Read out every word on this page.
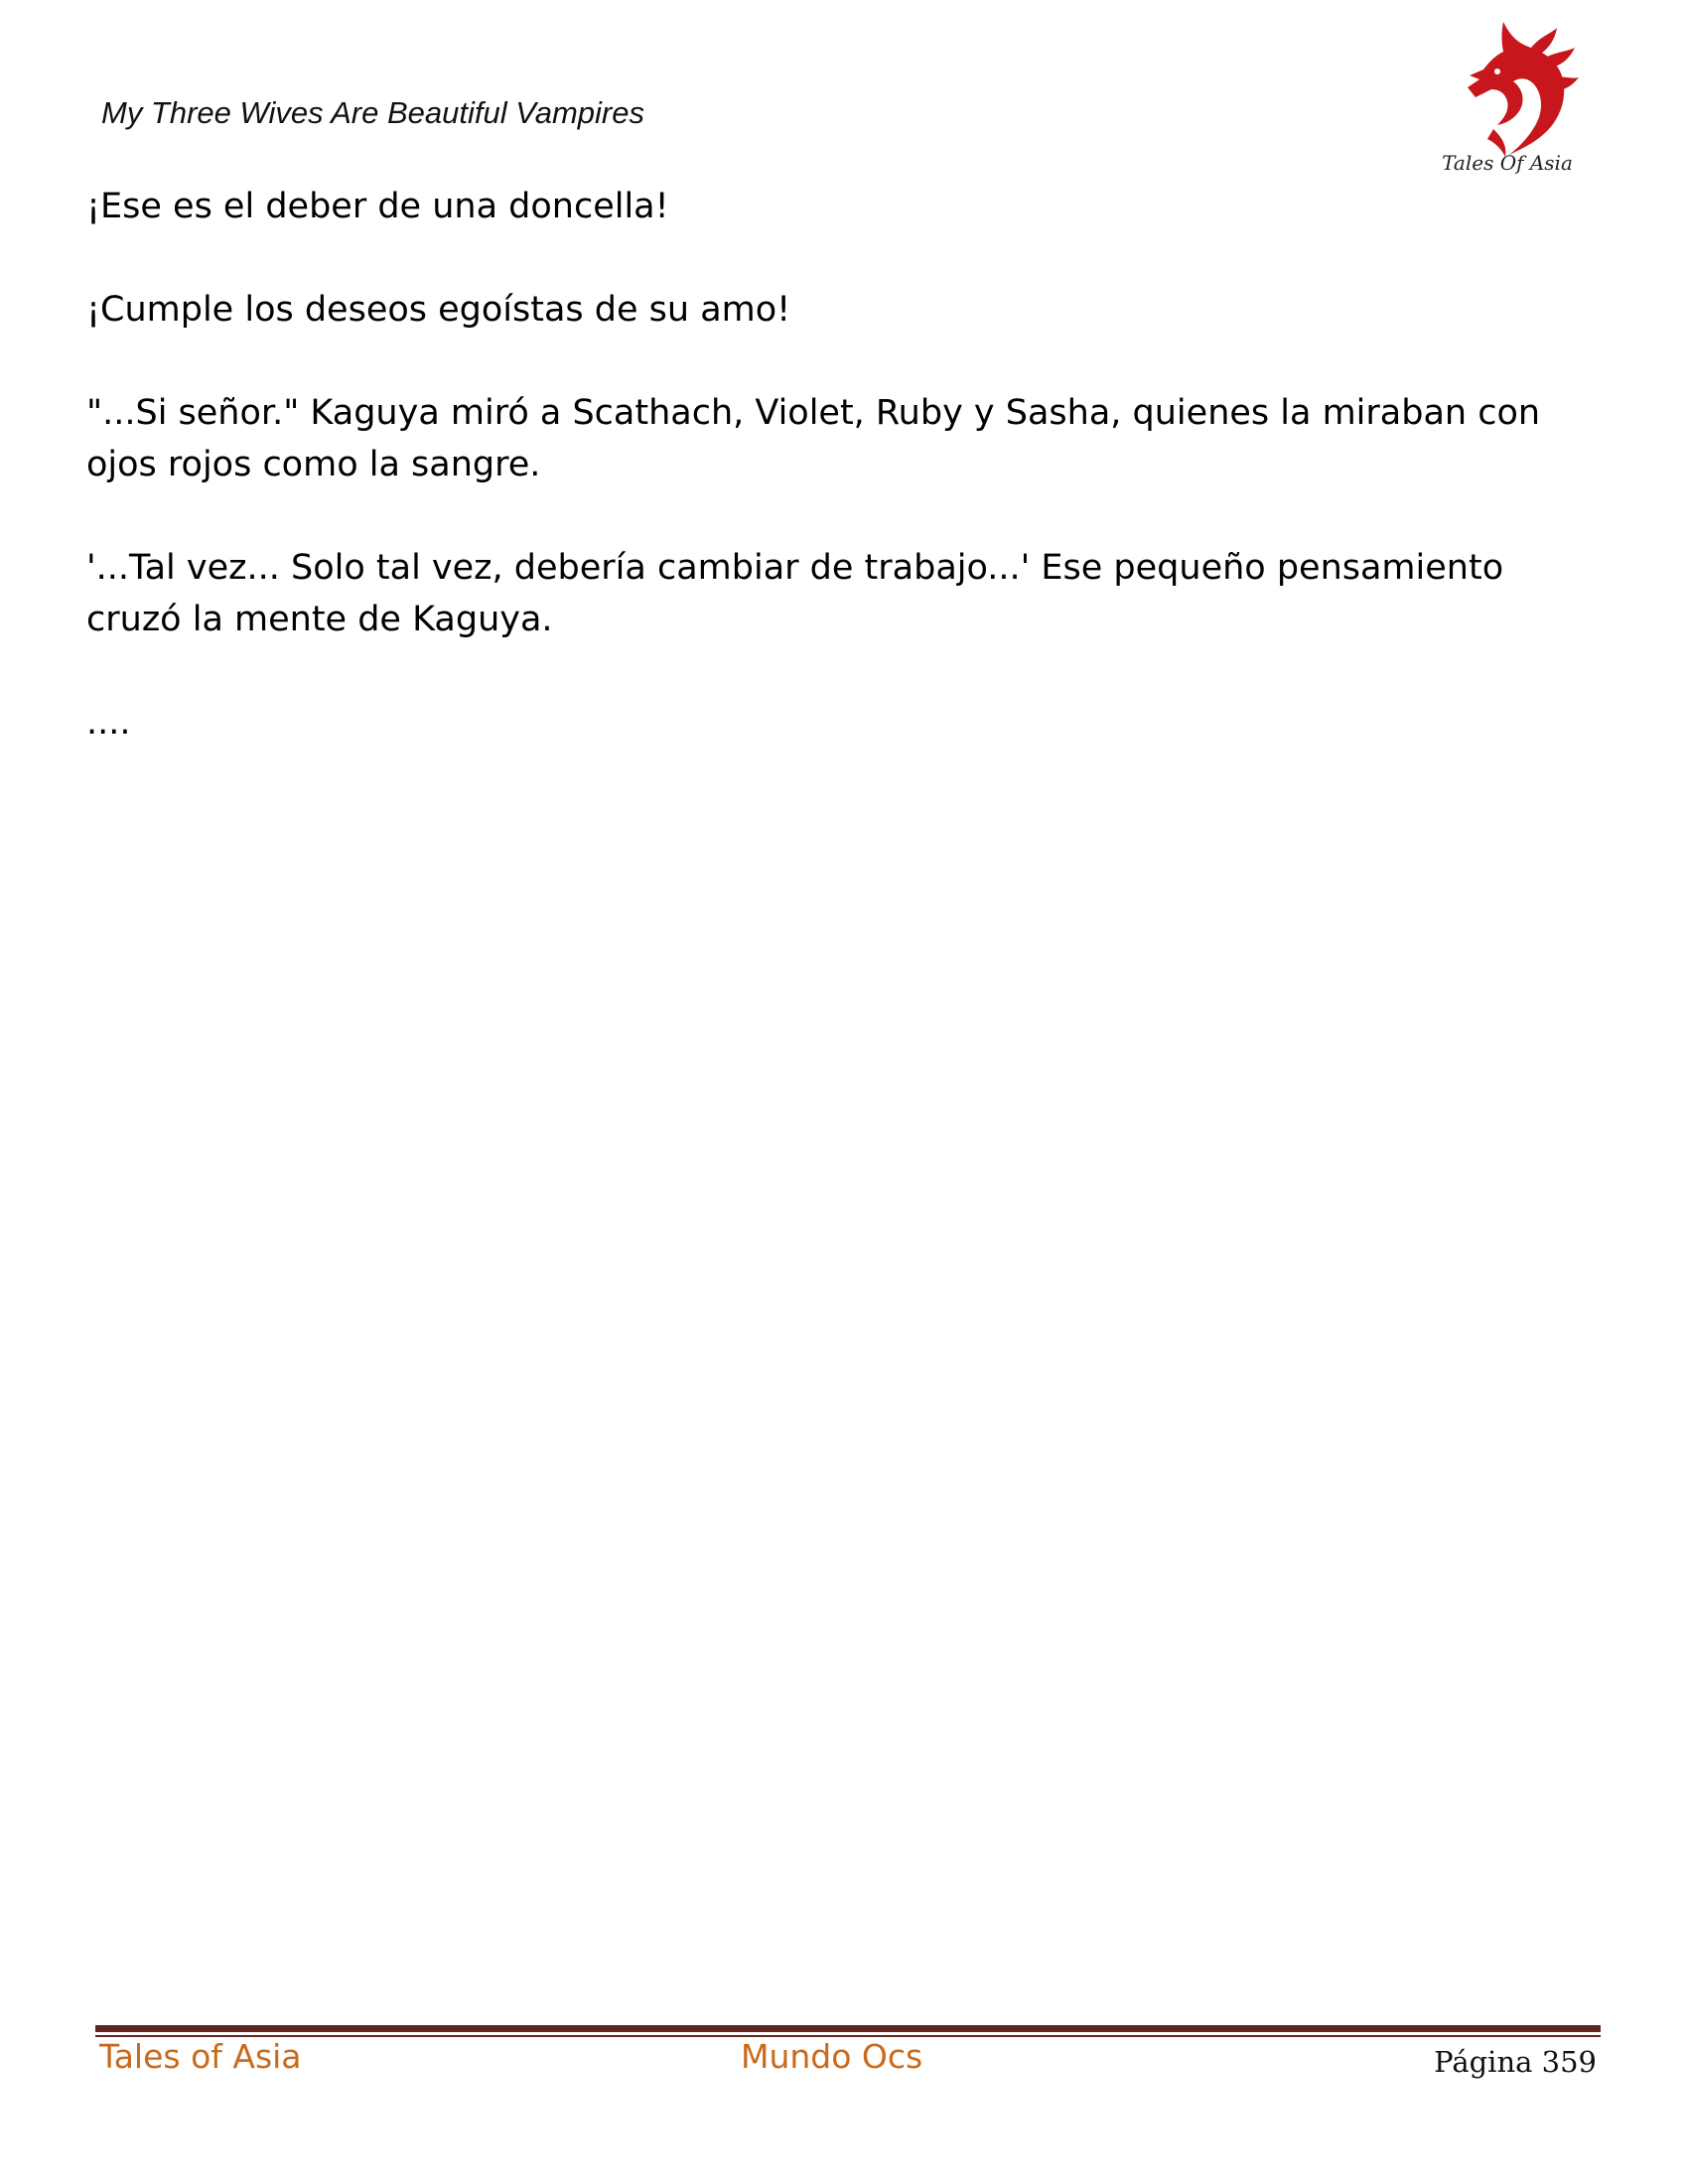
My Three Wives Are Beautiful Vampires
Tales Of Asia

¡Ese es el deber de una doncella!

¡Cumple los deseos egoístas de su amo!

"...Si señor." Kaguya miró a Scathach, Violet, Ruby y Sasha, quienes la miraban con ojos rojos como la sangre.

'...Tal vez... Solo tal vez, debería cambiar de trabajo...' Ese pequeño pensamiento cruzó la mente de Kaguya.

....

Tales of Asia	Mundo Ocs	Página 359
